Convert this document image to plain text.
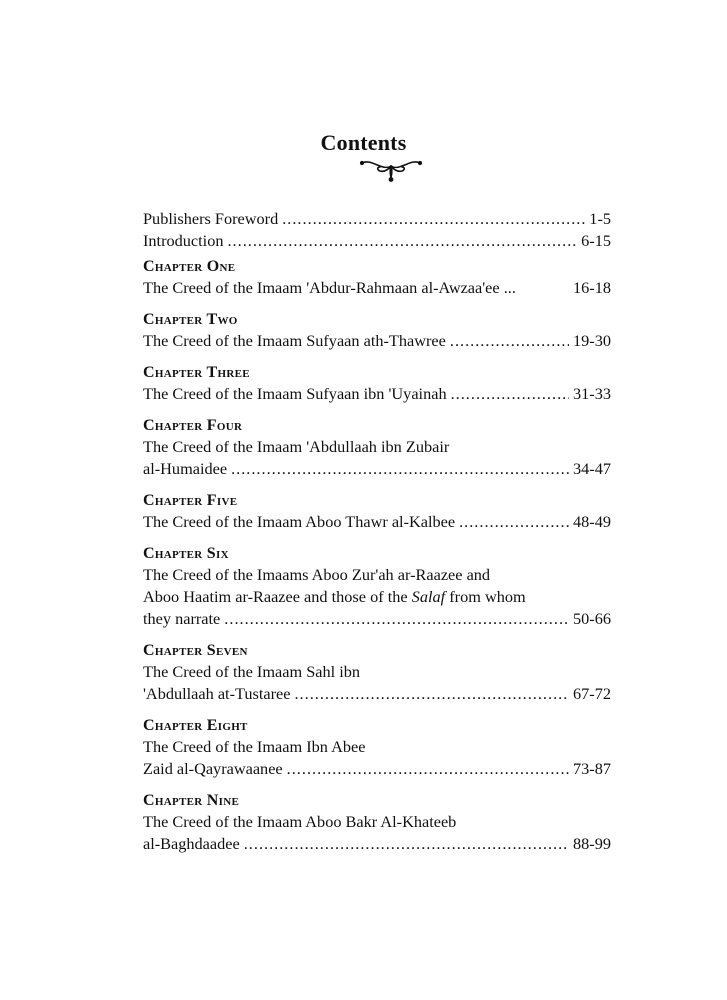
Contents
Publishers Foreword .....	1-5
Introduction .....	6-15
Chapter One
The Creed of the Imaam 'Abdur-Rahmaan al-Awzaa'ee ...	16-18
Chapter Two
The Creed of the Imaam Sufyaan ath-Thawree .....	19-30
Chapter Three
The Creed of the Imaam Sufyaan ibn 'Uyainah .....	31-33
Chapter Four
The Creed of the Imaam 'Abdullaah ibn Zubair
al-Humaidee .....	34-47
Chapter Five
The Creed of the Imaam Aboo Thawr al-Kalbee .....	48-49
Chapter Six
The Creed of the Imaams Aboo Zur'ah ar-Raazee and
Aboo Haatim ar-Raazee and those of the Salaf from whom
they narrate .....	50-66
Chapter Seven
The Creed of the Imaam Sahl ibn
'Abdullaah at-Tustaree .....	67-72
Chapter Eight
The Creed of the Imaam Ibn Abee
Zaid al-Qayrawaanee .....	73-87
Chapter Nine
The Creed of the Imaam Aboo Bakr Al-Khateeb
al-Baghdaadee .....	88-99
